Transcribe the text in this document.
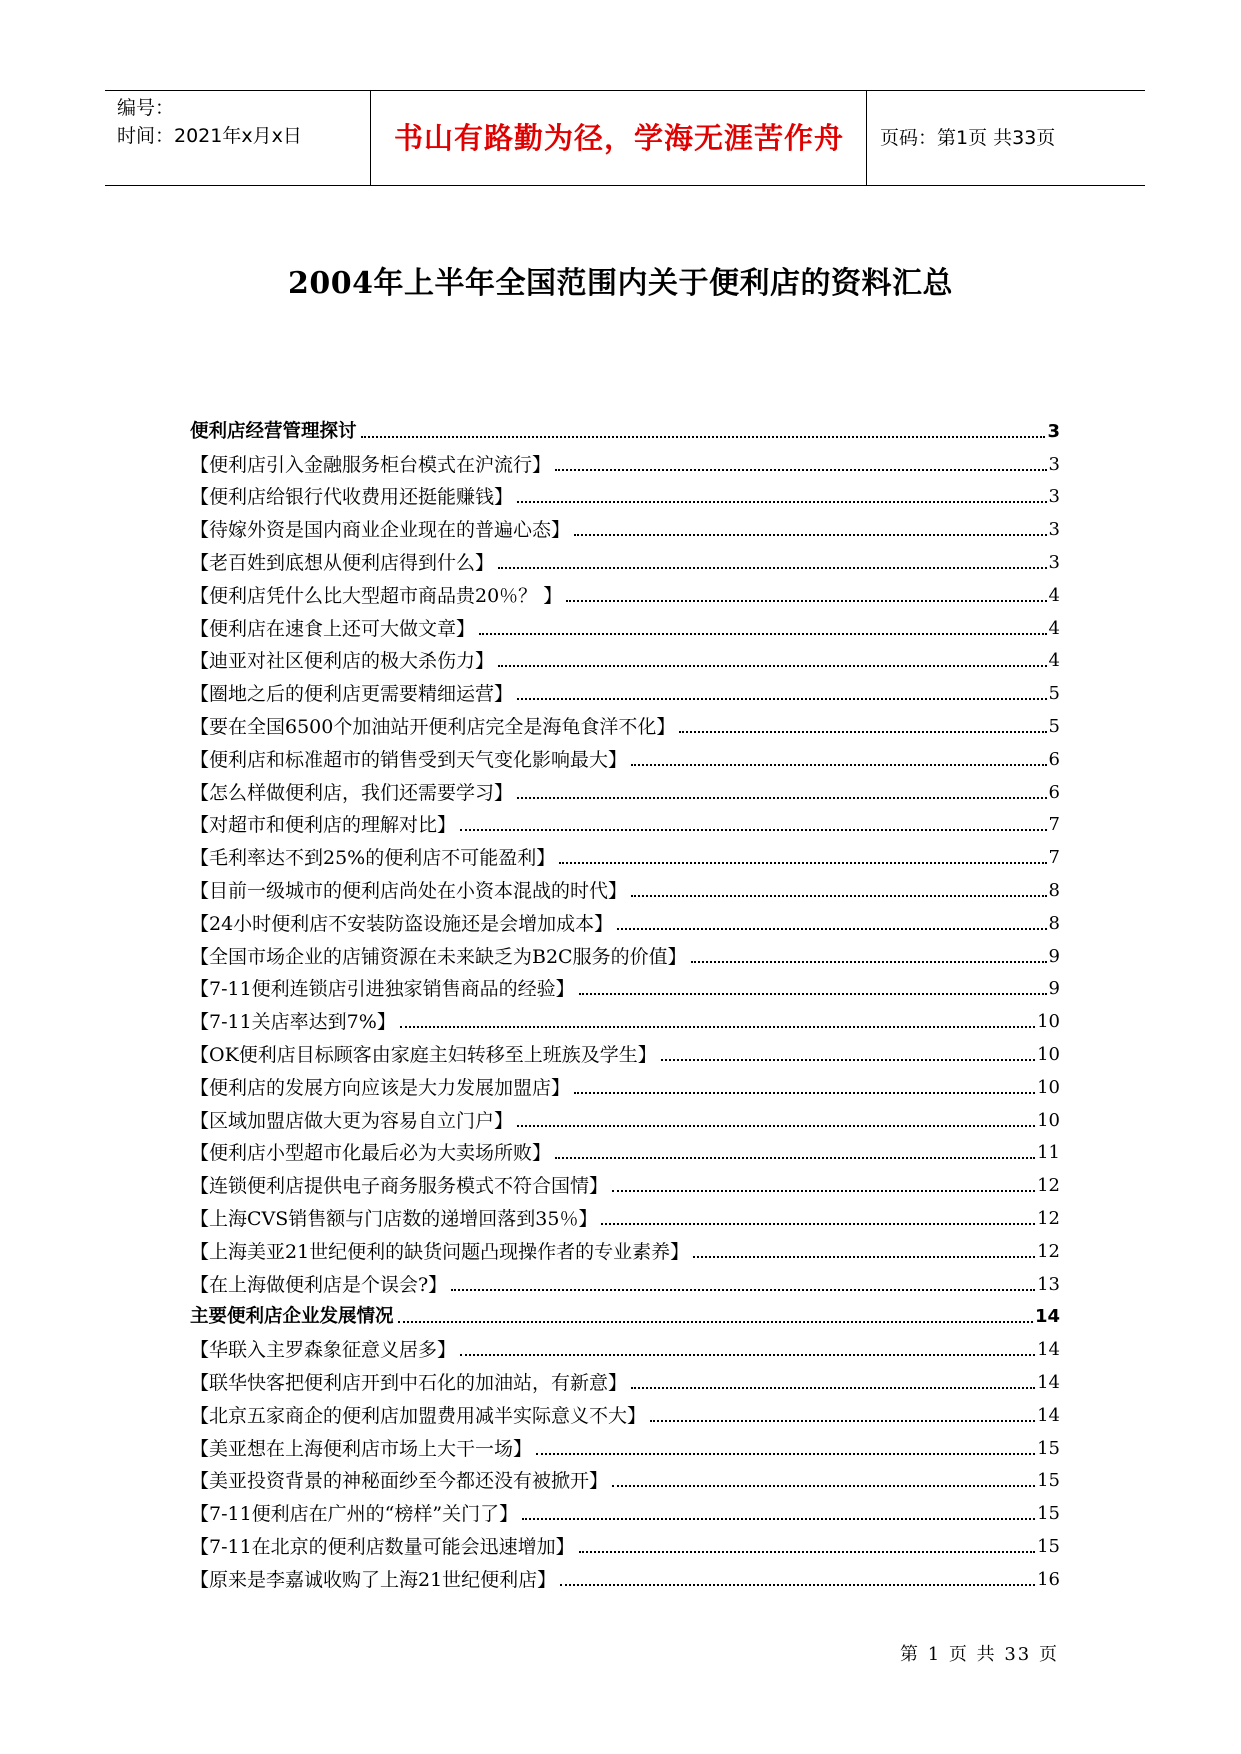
编号：
时间：2021年x月x日	书山有路勤为径，学海无涯苦作舟 页码：第1页 共33页
2004年上半年全国范围内关于便利店的资料汇总
便利店经营管理探讨	3
【便利店引入金融服务柜台模式在沪流行】	3
【便利店给银行代收费用还挺能赚钱】	3
【待嫁外资是国内商业企业现在的普遍心态】	3
【老百姓到底想从便利店得到什么】	3
【便利店凭什么比大型超市商品贵20％？ 】	4
【便利店在速食上还可大做文章】	4
【迪亚对社区便利店的极大杀伤力】	4
【圈地之后的便利店更需要精细运营】	5
【要在全国6500个加油站开便利店完全是海龟食洋不化】	5
【便利店和标准超市的销售受到天气变化影响最大】	6
【怎么样做便利店，我们还需要学习】	6
【对超市和便利店的理解对比】	7
【毛利率达不到25%的便利店不可能盈利】	7
【目前一级城市的便利店尚处在小资本混战的时代】	8
【24小时便利店不安装防盗设施还是会增加成本】	8
【全国市场企业的店铺资源在未来缺乏为B2C服务的价值】	9
【7-11便利连锁店引进独家销售商品的经验】	9
【7-11关店率达到7%】	10
【OK便利店目标顾客由家庭主妇转移至上班族及学生】	10
【便利店的发展方向应该是大力发展加盟店】	10
【区域加盟店做大更为容易自立门户】	10
【便利店小型超市化最后必为大卖场所败】	11
【连锁便利店提供电子商务服务模式不符合国情】	12
【上海CVS销售额与门店数的递增回落到35％】	12
【上海美亚21世纪便利的缺货问题凸现操作者的专业素养】	12
【在上海做便利店是个误会?】	13
主要便利店企业发展情况	14
【华联入主罗森象征意义居多】	14
【联华快客把便利店开到中石化的加油站，有新意】	14
【北京五家商企的便利店加盟费用减半实际意义不大】	14
【美亚想在上海便利店市场上大干一场】	15
【美亚投资背景的神秘面纱至今都还没有被掀开】	15
【7-11便利店在广州的“榜样”关门了】	15
【7-11在北京的便利店数量可能会迅速增加】	15
【原来是李嘉诚收购了上海21世纪便利店】	16
第 1 页 共 33 页
